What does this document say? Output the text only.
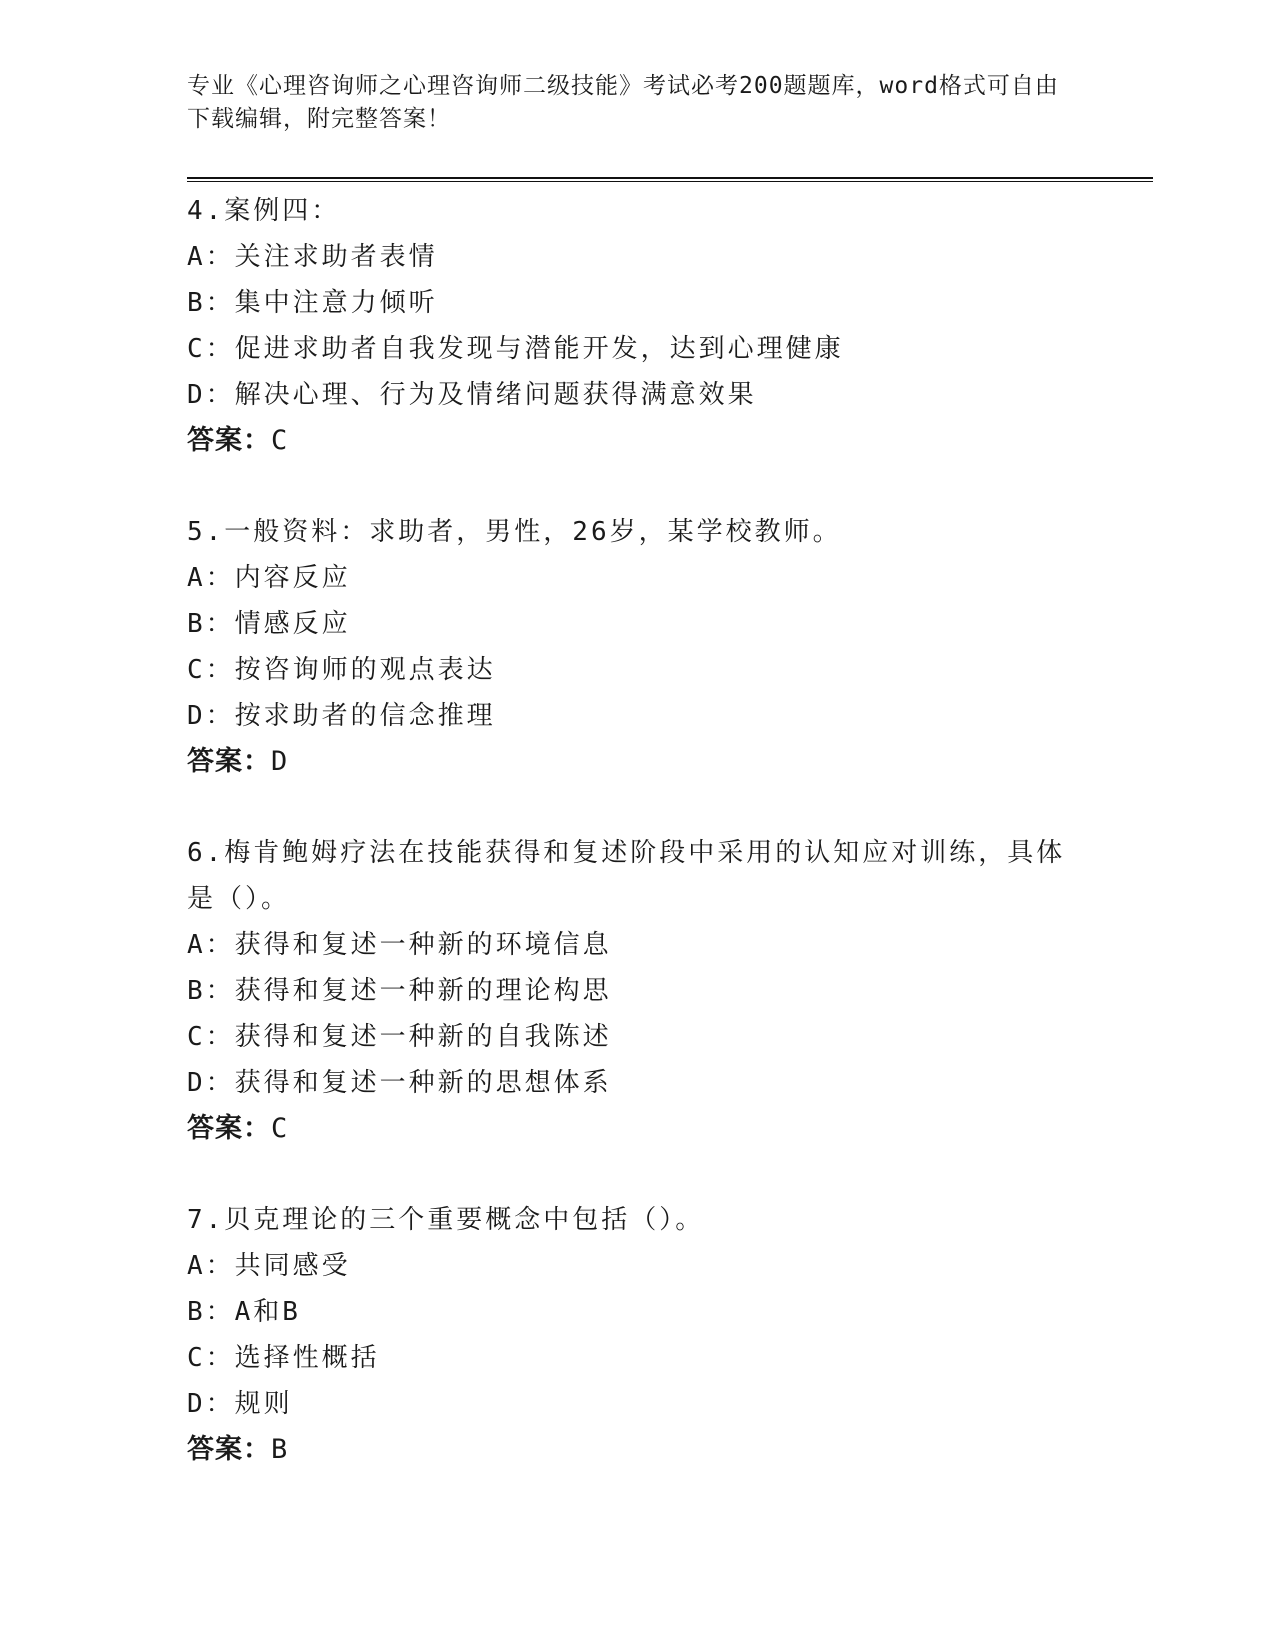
专业《心理咨询师之心理咨询师二级技能》考试必考200题题库，word格式可自由下载编辑，附完整答案！
4.案例四：
A：关注求助者表情
B：集中注意力倾听
C：促进求助者自我发现与潜能开发，达到心理健康
D：解决心理、行为及情绪问题获得满意效果
答案：C
5.一般资料：求助者，男性，26岁，某学校教师。
A：内容反应
B：情感反应
C：按咨询师的观点表达
D：按求助者的信念推理
答案：D
6.梅肯鲍姆疗法在技能获得和复述阶段中采用的认知应对训练，具体是（）。
A：获得和复述一种新的环境信息
B：获得和复述一种新的理论构思
C：获得和复述一种新的自我陈述
D：获得和复述一种新的思想体系
答案：C
7.贝克理论的三个重要概念中包括（）。
A：共同感受
B：A和B
C：选择性概括
D：规则
答案：B
